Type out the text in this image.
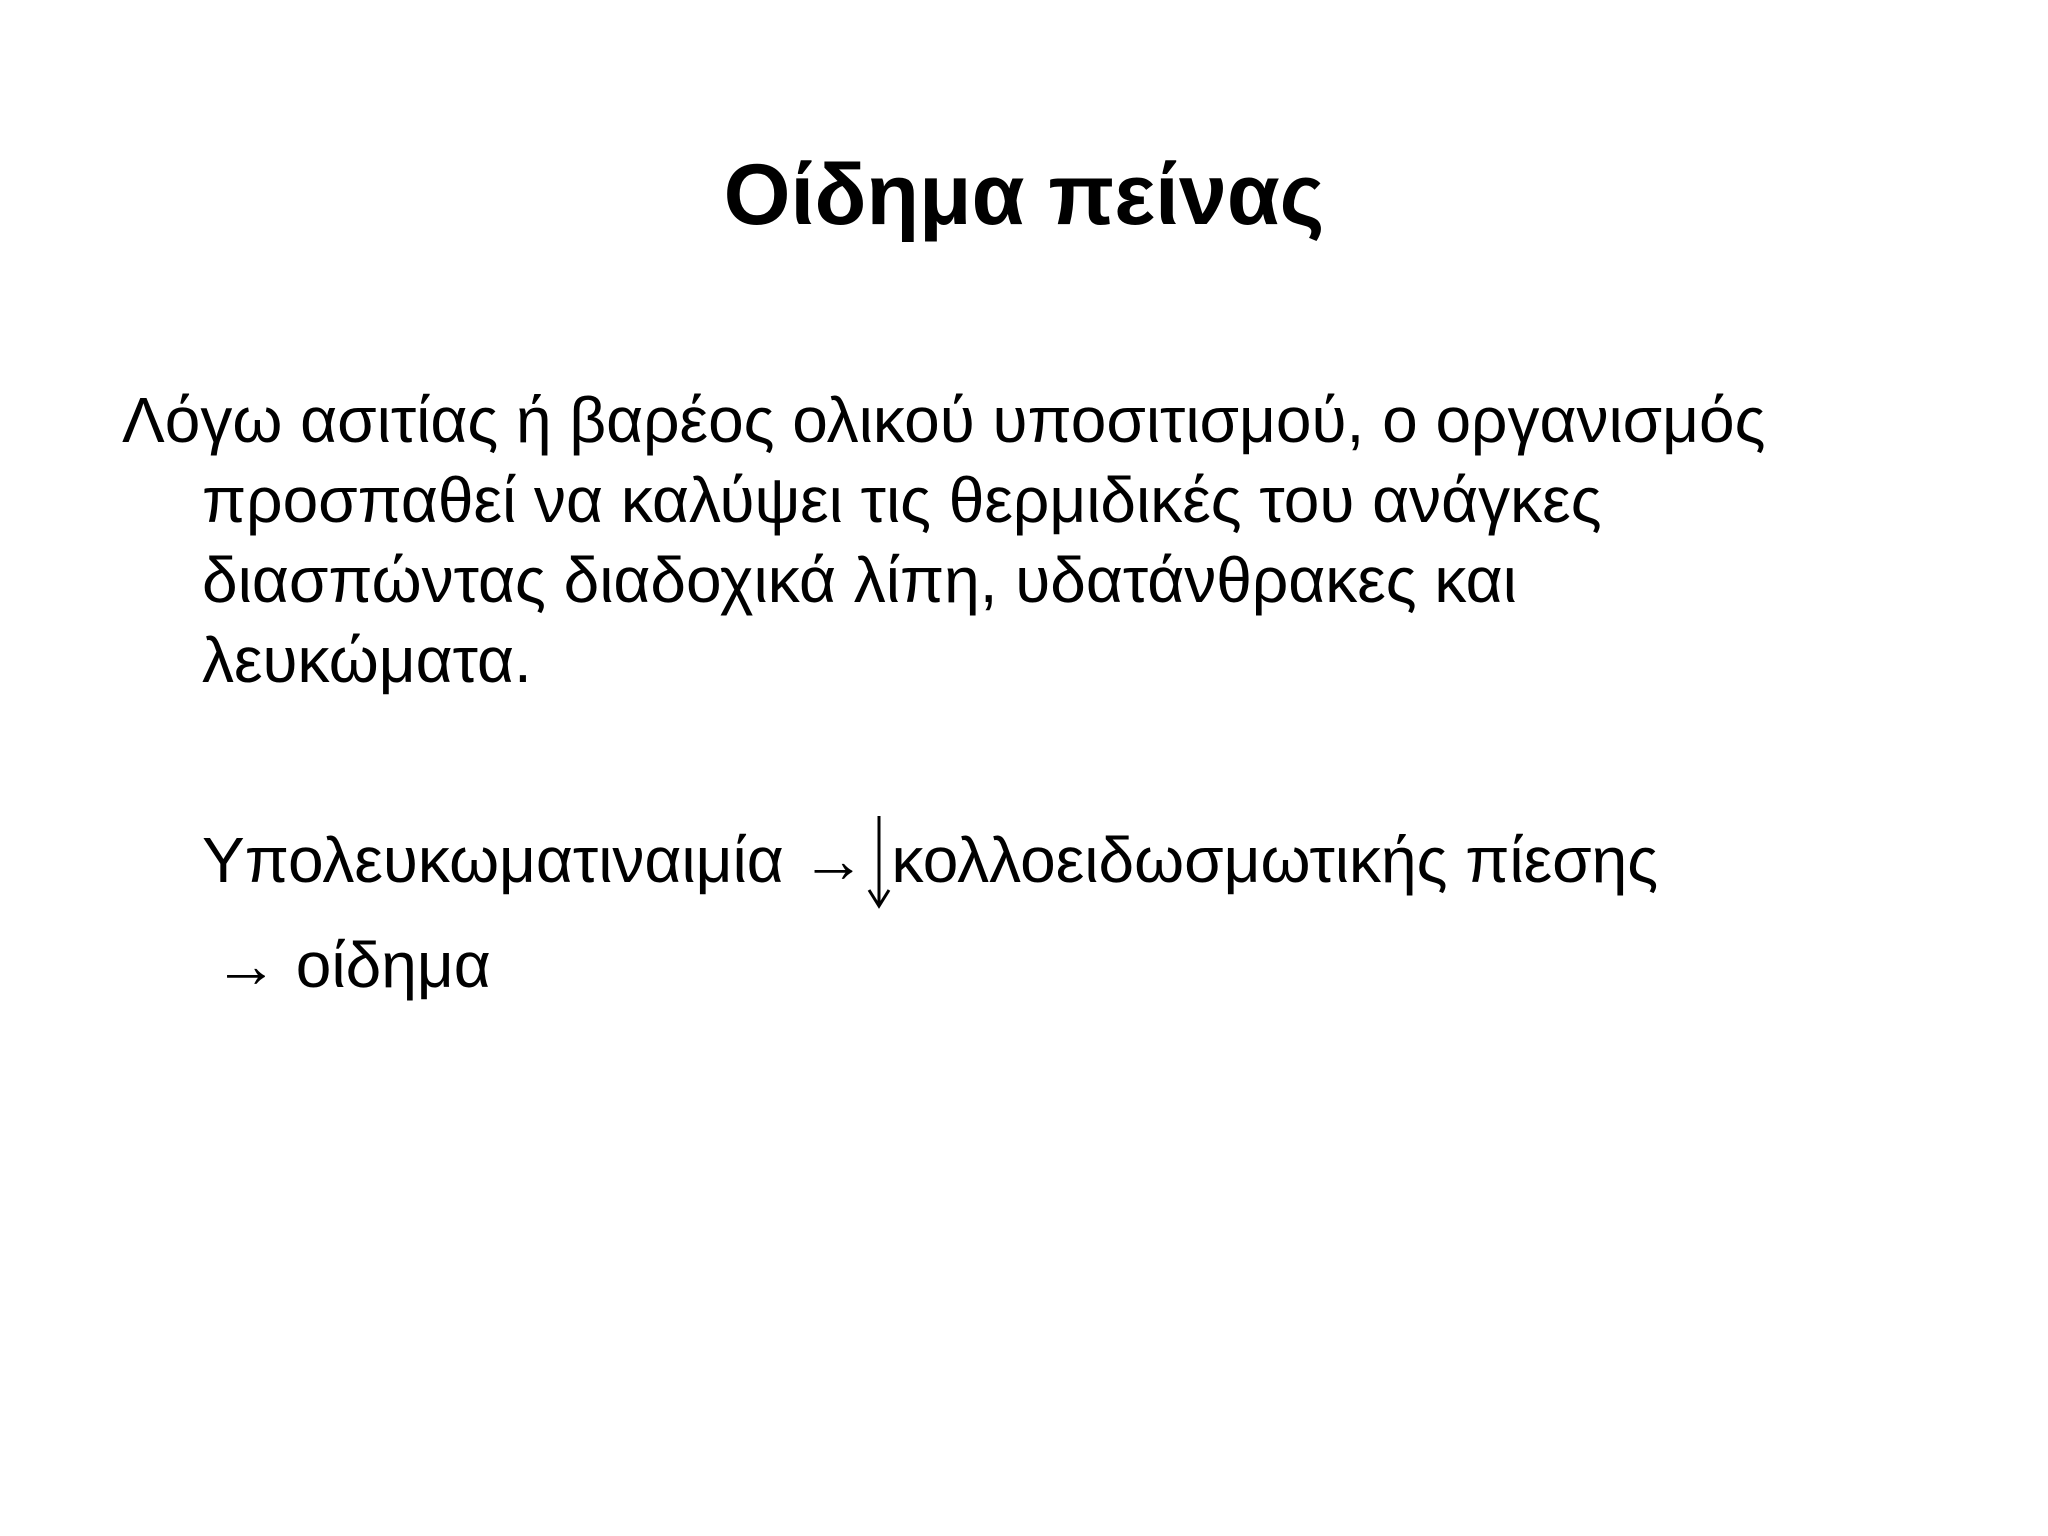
Οίδημα πείνας

Λόγω ασιτίας ή βαρέος ολικού υποσιτισμού, ο οργανισμός
προσπαθεί να καλύψει τις θερμιδικές του ανάγκες
διασπώντας διαδοχικά λίπη, υδατάνθρακες και
λευκώματα.

Υπολευκωματιναιμία → κολλοειδωσμωτικής πίεσης

→ οίδημα
